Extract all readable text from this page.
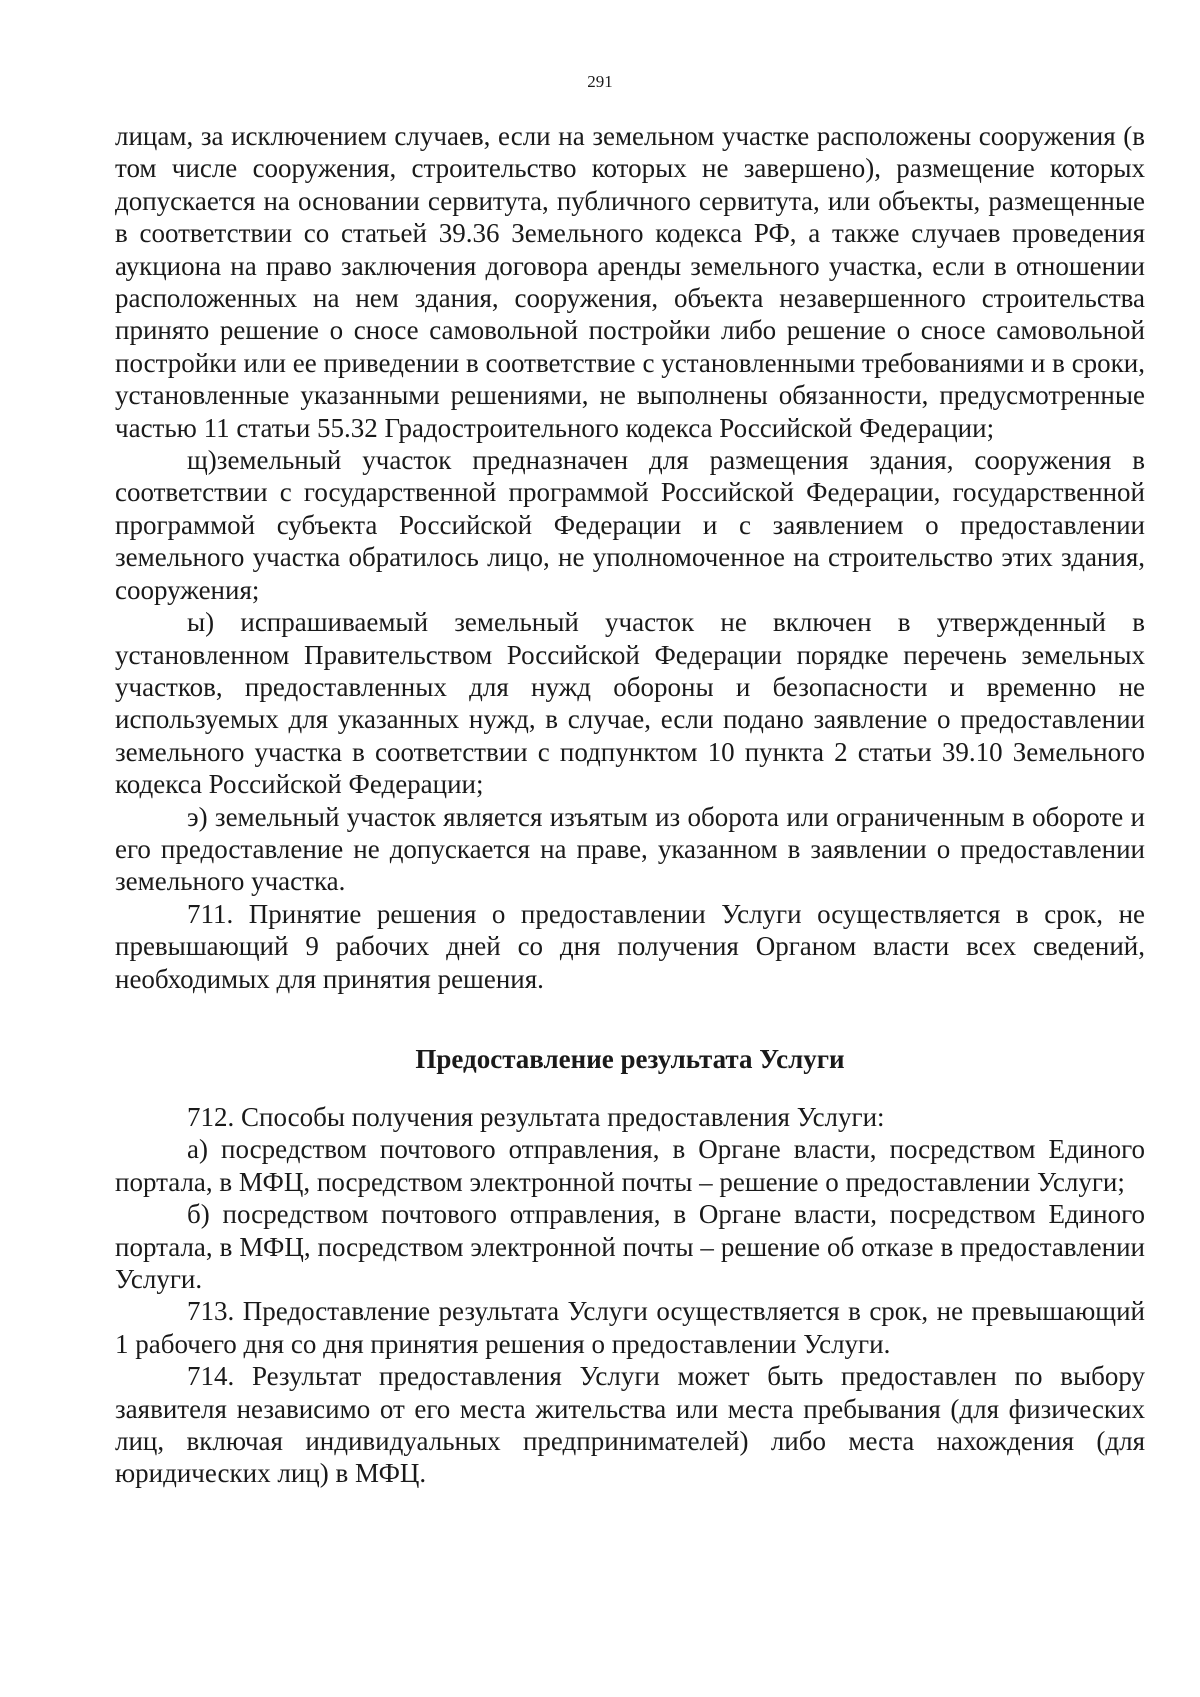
291

лицам, за исключением случаев, если на земельном участке расположены сооружения (в том числе сооружения, строительство которых не завершено), размещение которых допускается на основании сервитута, публичного сервитута, или объекты, размещенные в соответствии со статьей 39.36 Земельного кодекса РФ, а также случаев проведения аукциона на право заключения договора аренды земельного участка, если в отношении расположенных на нем здания, сооружения, объекта незавершенного строительства принято решение о сносе самовольной постройки либо решение о сносе самовольной постройки или ее приведении в соответствие с установленными требованиями и в сроки, установленные указанными решениями, не выполнены обязанности, предусмотренные частью 11 статьи 55.32 Градостроительного кодекса Российской Федерации;

щ)земельный участок предназначен для размещения здания, сооружения в соответствии с государственной программой Российской Федерации, государственной программой субъекта Российской Федерации и с заявлением о предоставлении земельного участка обратилось лицо, не уполномоченное на строительство этих здания, сооружения;

ы) испрашиваемый земельный участок не включен в утвержденный в установленном Правительством Российской Федерации порядке перечень земельных участков, предоставленных для нужд обороны и безопасности и временно не используемых для указанных нужд, в случае, если подано заявление о предоставлении земельного участка в соответствии с подпунктом 10 пункта 2 статьи 39.10 Земельного кодекса Российской Федерации;

э) земельный участок является изъятым из оборота или ограниченным в обороте и его предоставление не допускается на праве, указанном в заявлении о предоставлении земельного участка.

711. Принятие решения о предоставлении Услуги осуществляется в срок, не превышающий 9 рабочих дней со дня получения Органом власти всех сведений, необходимых для принятия решения.

Предоставление результата Услуги

712. Способы получения результата предоставления Услуги:

а) посредством почтового отправления, в Органе власти, посредством Единого портала, в МФЦ, посредством электронной почты – решение о предоставлении Услуги;

б) посредством почтового отправления, в Органе власти, посредством Единого портала, в МФЦ, посредством электронной почты – решение об отказе в предоставлении Услуги.

713. Предоставление результата Услуги осуществляется в срок, не превышающий 1 рабочего дня со дня принятия решения о предоставлении Услуги.

714. Результат предоставления Услуги может быть предоставлен по выбору заявителя независимо от его места жительства или места пребывания (для физических лиц, включая индивидуальных предпринимателей) либо места нахождения (для юридических лиц) в МФЦ.
